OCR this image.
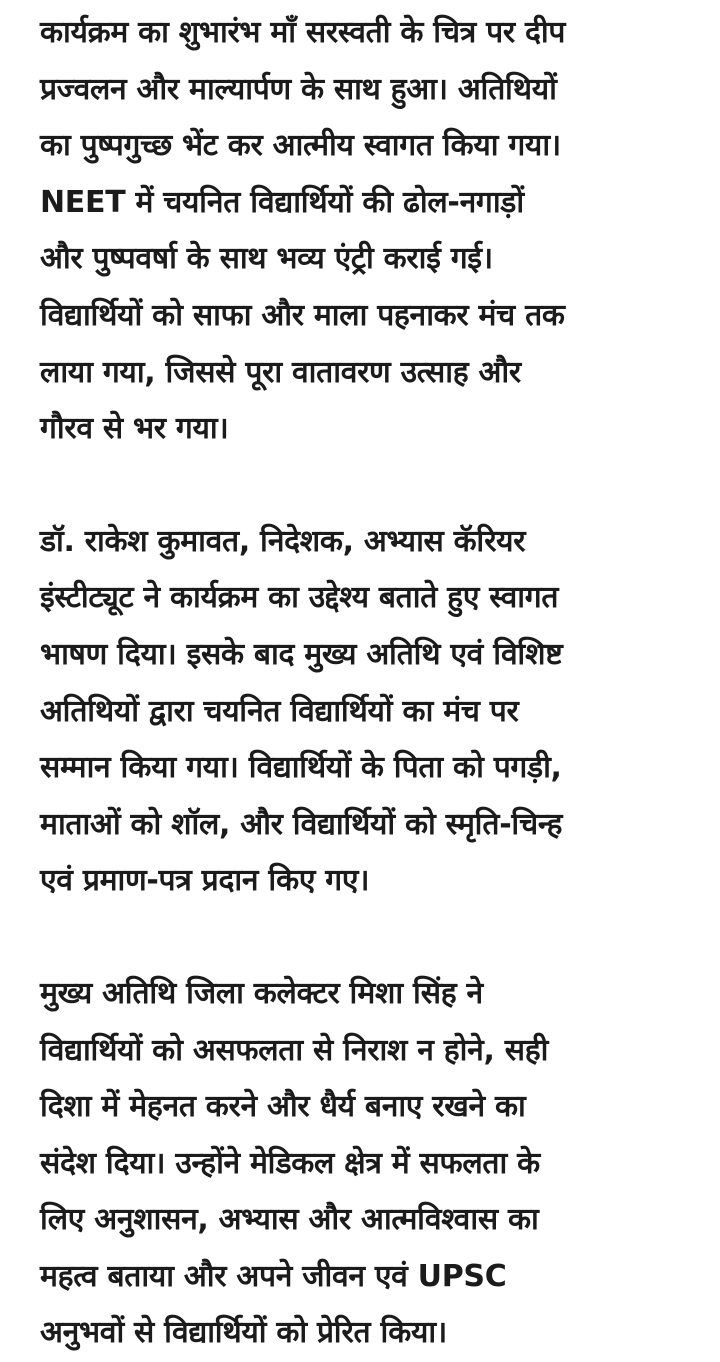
कार्यक्रम का शुभारंभ माँ सरस्वती के चित्र पर दीप
प्रज्वलन और माल्यार्पण के साथ हुआ। अतिथियों
का पुष्पगुच्छ भेंट कर आत्मीय स्वागत किया गया।
NEET में चयनित विद्यार्थियों की ढोल-नगाड़ों
और पुष्पवर्षा के साथ भव्य एंट्री कराई गई।
विद्यार्थियों को साफा और माला पहनाकर मंच तक
लाया गया, जिससे पूरा वातावरण उत्साह और
गौरव से भर गया।

डॉ. राकेश कुमावत, निदेशक, अभ्यास कॅरियर
इंस्टीट्यूट ने कार्यक्रम का उद्देश्य बताते हुए स्वागत
भाषण दिया। इसके बाद मुख्य अतिथि एवं विशिष्ट
अतिथियों द्वारा चयनित विद्यार्थियों का मंच पर
सम्मान किया गया। विद्यार्थियों के पिता को पगड़ी,
माताओं को शॉल, और विद्यार्थियों को स्मृति-चिन्ह
एवं प्रमाण-पत्र प्रदान किए गए।

मुख्य अतिथि जिला कलेक्टर मिशा सिंह ने
विद्यार्थियों को असफलता से निराश न होने, सही
दिशा में मेहनत करने और धैर्य बनाए रखने का
संदेश दिया। उन्होंने मेडिकल क्षेत्र में सफलता के
लिए अनुशासन, अभ्यास और आत्मविश्वास का
महत्व बताया और अपने जीवन एवं UPSC
अनुभवों से विद्यार्थियों को प्रेरित किया।
